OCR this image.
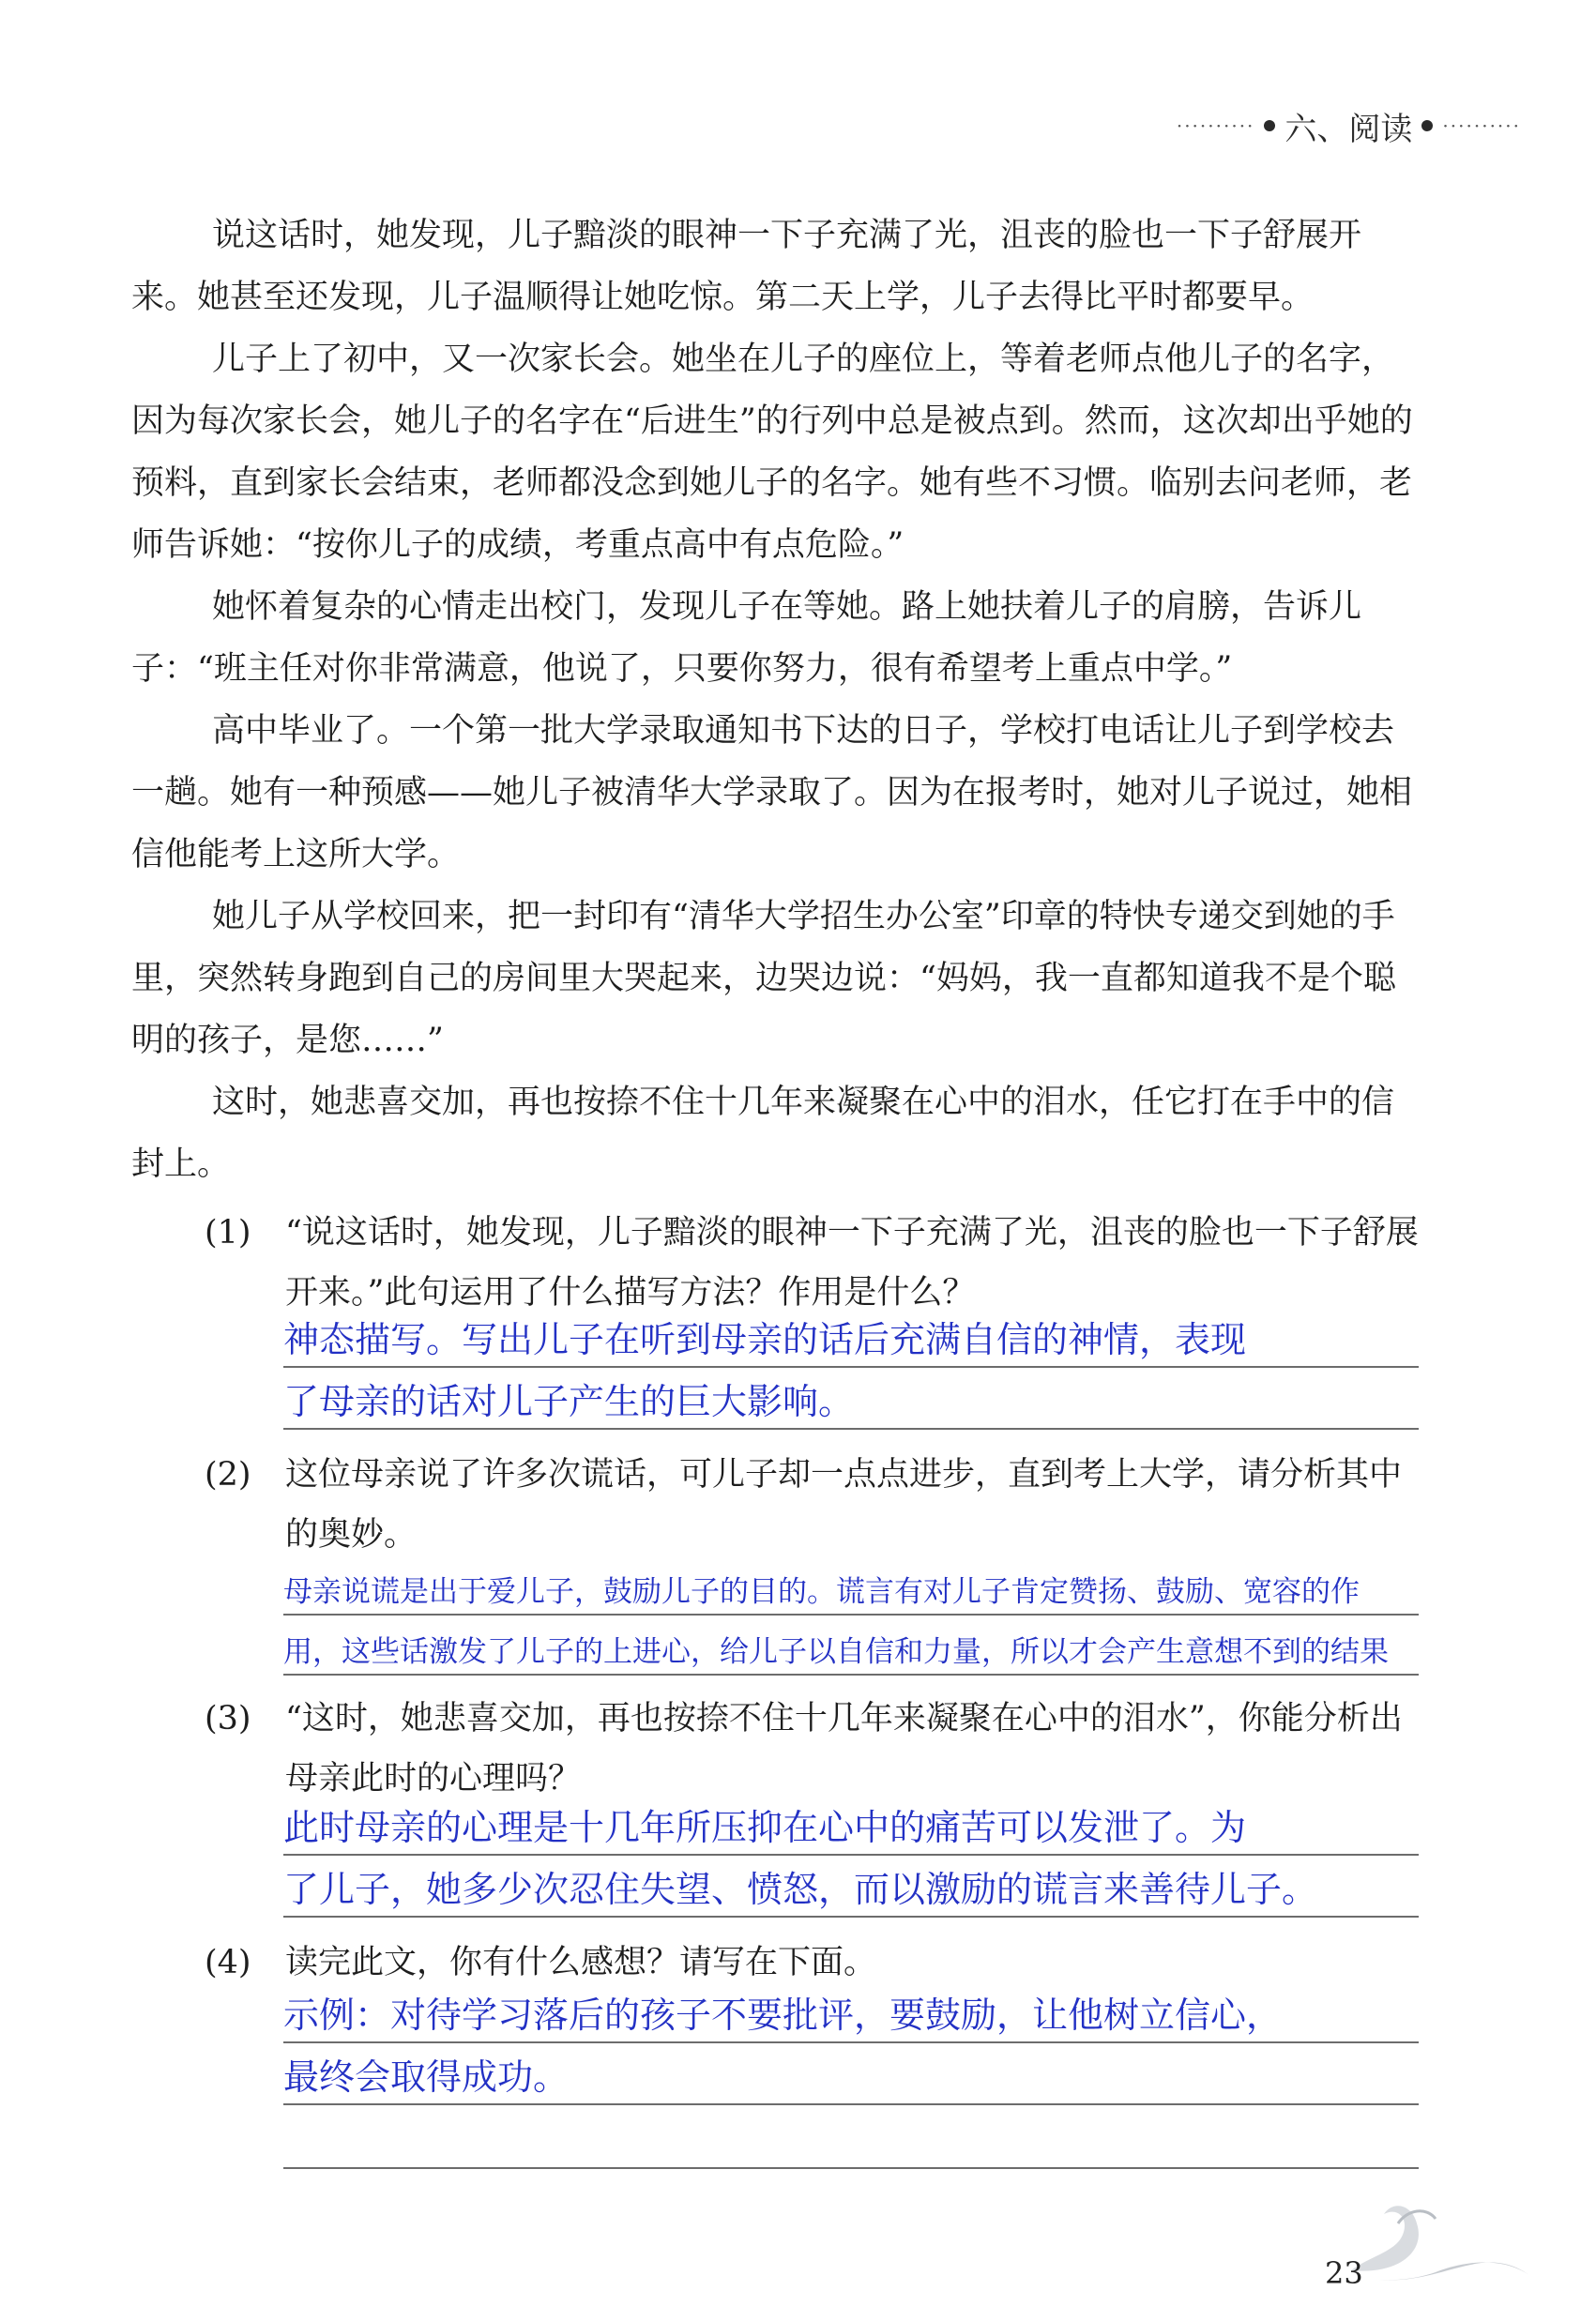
·········· 六、阅读 ··········

说这话时，她发现，儿子黯淡的眼神一下子充满了光，沮丧的脸也一下子舒展开来。她甚至还发现，儿子温顺得让她吃惊。第二天上学，儿子去得比平时都要早。

儿子上了初中，又一次家长会。她坐在儿子的座位上，等着老师点他儿子的名字，因为每次家长会，她儿子的名字在“后进生”的行列中总是被点到。然而，这次却出乎她的预料，直到家长会结束，老师都没念到她儿子的名字。她有些不习惯。临别去问老师，老师告诉她：“按你儿子的成绩，考重点高中有点危险。”

她怀着复杂的心情走出校门，发现儿子在等她。路上她扶着儿子的肩膀，告诉儿子：“班主任对你非常满意，他说了，只要你努力，很有希望考上重点中学。”

高中毕业了。一个第一批大学录取通知书下达的日子，学校打电话让儿子到学校去一趟。她有一种预感——她儿子被清华大学录取了。因为在报考时，她对儿子说过，她相信他能考上这所大学。

她儿子从学校回来，把一封印有“清华大学招生办公室”印章的特快专递交到她的手里，突然转身跑到自己的房间里大哭起来，边哭边说：“妈妈，我一直都知道我不是个聪明的孩子，是您……”

这时，她悲喜交加，再也按捺不住十几年来凝聚在心中的泪水，任它打在手中的信封上。

(1) “说这话时，她发现，儿子黯淡的眼神一下子充满了光，沮丧的脸也一下子舒展开来。”此句运用了什么描写方法？作用是什么？
神态描写。写出儿子在听到母亲的话后充满自信的神情，表现
了母亲的话对儿子产生的巨大影响。
(2) 这位母亲说了许多次谎话，可儿子却一点点进步，直到考上大学，请分析其中的奥妙。
母亲说谎是出于爱儿子，鼓励儿子的目的。谎言有对儿子肯定赞扬、鼓励、宽容的作
用，这些话激发了儿子的上进心，给儿子以自信和力量，所以才会产生意想不到的结果
(3) “这时，她悲喜交加，再也按捺不住十几年来凝聚在心中的泪水”，你能分析出母亲此时的心理吗？
此时母亲的心理是十几年所压抑在心中的痛苦可以发泄了。为
了儿子，她多少次忍住失望、愤怒，而以激励的谎言来善待儿子。
(4) 读完此文，你有什么感想？请写在下面。
示例：对待学习落后的孩子不要批评，要鼓励，让他树立信心，
最终会取得成功。
23
